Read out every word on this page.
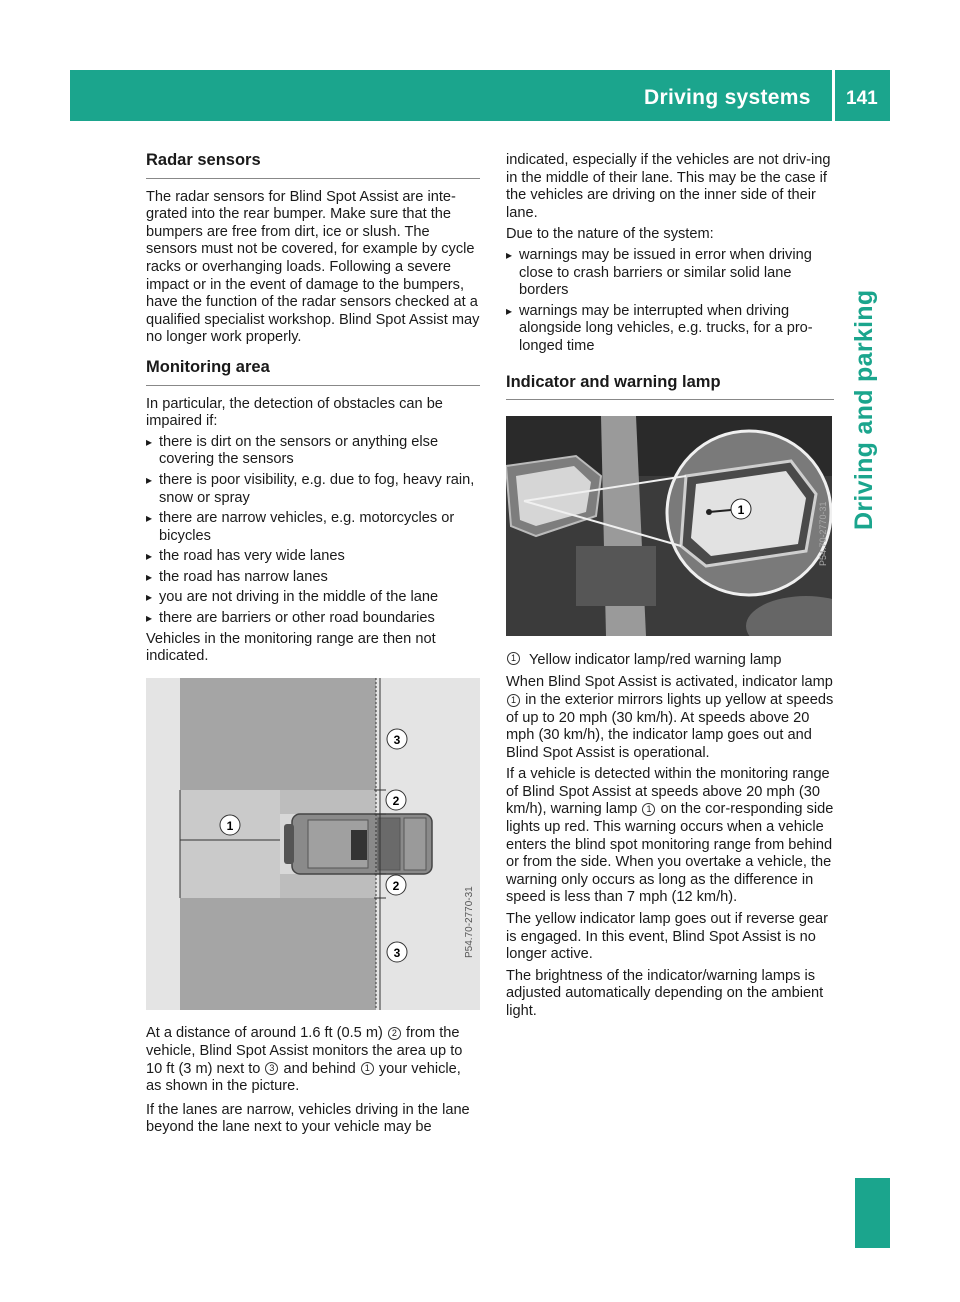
Driving systems 141
Driving and parking
Radar sensors

The radar sensors for Blind Spot Assist are inte-grated into the rear bumper. Make sure that the bumpers are free from dirt, ice or slush. The sensors must not be covered, for example by cycle racks or overhanging loads. Following a severe impact or in the event of damage to the bumpers, have the function of the radar sensors checked at a qualified specialist workshop. Blind Spot Assist may no longer work properly.

Monitoring area

In particular, the detection of obstacles can be impaired if:

▸ there is dirt on the sensors or anything else covering the sensors
▸ there is poor visibility, e.g. due to fog, heavy rain, snow or spray
▸ there are narrow vehicles, e.g. motorcycles or bicycles
▸ the road has very wide lanes
▸ the road has narrow lanes
▸ you are not driving in the middle of the lane
▸ there are barriers or other road boundaries

Vehicles in the monitoring range are then not indicated.

1
3
2
2
3	P54.70-2770-31

At a distance of around 1.6 ft (0.5 m) 2 from the vehicle, Blind Spot Assist monitors the area up to 10 ft (3 m) next to 3 and behind 1 your vehicle, as shown in the picture.

If the lanes are narrow, vehicles driving in the lane beyond the lane next to your vehicle may be

indicated, especially if the vehicles are not driv-ing in the middle of their lane. This may be the case if the vehicles are driving on the inner side of their lane.

Due to the nature of the system:

▸ warnings may be issued in error when driving close to crash barriers or similar solid lane borders
▸ warnings may be interrupted when driving alongside long vehicles, e.g. trucks, for a pro-longed time
Indicator and warning lamp
1	P54.70-2770-31
1 Yellow indicator lamp/red warning lamp

When Blind Spot Assist is activated, indicator lamp 1 in the exterior mirrors lights up yellow at speeds of up to 20 mph (30 km/h). At speeds above 20 mph (30 km/h), the indicator lamp goes out and Blind Spot Assist is operational.

If a vehicle is detected within the monitoring range of Blind Spot Assist at speeds above 20 mph (30 km/h), warning lamp 1 on the cor-responding side lights up red. This warning occurs when a vehicle enters the blind spot monitoring range from behind or from the side. When you overtake a vehicle, the warning only occurs as long as the difference in speed is less than 7 mph (12 km/h).

The yellow indicator lamp goes out if reverse gear is engaged. In this event, Blind Spot Assist is no longer active.

The brightness of the indicator/warning lamps is adjusted automatically depending on the ambient light.
